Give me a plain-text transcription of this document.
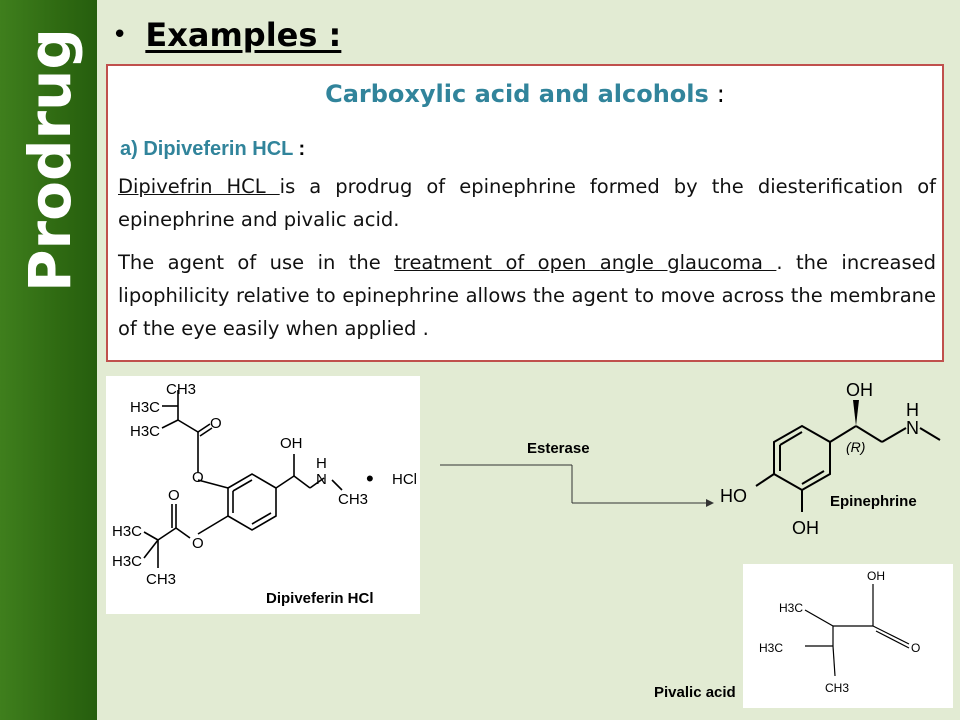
Prodrug • Examples :
Carboxylic acid and alcohols :
a) Dipiveferin HCL :
Dipivefrin HCL is a prodrug of epinephrine formed by the diesterification of epinephrine and pivalic acid.
The agent of use in the treatment of open angle glaucoma . the increased lipophilicity relative to epinephrine allows the agent to move across the membrane of the eye easily when applied .
CH3
H3C
H3C	O
O
OH
H
N
CH3
• HCl
O
O
H3C
H3C
CH3
Dipiveferin HCl
Esterase
OH
H
N
(R)
HO
OH
Epinephrine
OH
H3C
H3C	O
CH3
Pivalic acid
